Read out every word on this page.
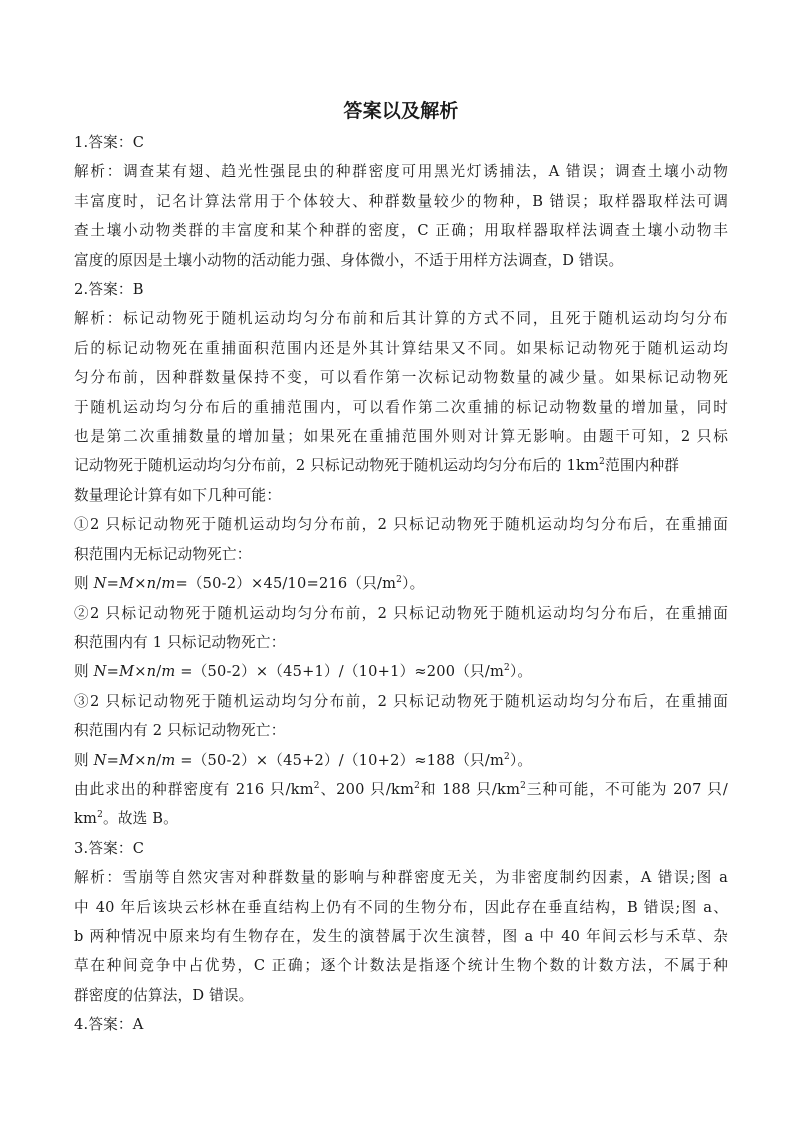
答案以及解析
1.答案：C
解析：调查某有翅、趋光性强昆虫的种群密度可用黑光灯诱捕法，A 错误；调查土壤小动物
丰富度时，记名计算法常用于个体较大、种群数量较少的物种，B 错误；取样器取样法可调
查土壤小动物类群的丰富度和某个种群的密度，C 正确；用取样器取样法调查土壤小动物丰
富度的原因是土壤小动物的活动能力强、身体微小，不适于用样方法调查，D 错误。
2.答案：B
解析：标记动物死于随机运动均匀分布前和后其计算的方式不同，且死于随机运动均匀分布
后的标记动物死在重捕面积范围内还是外其计算结果又不同。如果标记动物死于随机运动均
匀分布前，因种群数量保持不变，可以看作第一次标记动物数量的减少量。如果标记动物死
于随机运动均匀分布后的重捕范围内，可以看作第二次重捕的标记动物数量的增加量，同时
也是第二次重捕数量的增加量；如果死在重捕范围外则对计算无影响。由题干可知，2 只标
记动物死于随机运动均匀分布前，2 只标记动物死于随机运动均匀分布后的 $1km^2$范围内种群
数量理论计算有如下几种可能：
①2 只标记动物死于随机运动均匀分布前，2 只标记动物死于随机运动均匀分布后，在重捕面
积范围内无标记动物死亡：
则 N=M×n/m=（50-2）×45/10=216（只$/m^2$）。
②2 只标记动物死于随机运动均匀分布前，2 只标记动物死于随机运动均匀分布后，在重捕面
积范围内有 1 只标记动物死亡：
则 N=M×n/m =（50-2）×（45+1）/（10+1）≈200（只$/m^2$）。
③2 只标记动物死于随机运动均匀分布前，2 只标记动物死于随机运动均匀分布后，在重捕面
积范围内有 2 只标记动物死亡：
则 N=M×n/m =（50-2）×（45+2）/（10+2）≈188（只$/m^2$）。
由此求出的种群密度有 216 只$/km^2$、200 只$/km^2$和 188 只$/km^2$三种可能，不可能为 207 只/
$km^2$。故选 B。
3.答案：C
解析：雪崩等自然灾害对种群数量的影响与种群密度无关，为非密度制约因素，A 错误;图 a
中 40 年后该块云杉林在垂直结构上仍有不同的生物分布，因此存在垂直结构，B 错误;图 a、
b 两种情况中原来均有生物存在，发生的演替属于次生演替，图 a 中 40 年间云杉与禾草、杂
草在种间竞争中占优势，C 正确；逐个计数法是指逐个统计生物个数的计数方法，不属于种
群密度的估算法，D 错误。
4.答案：A
